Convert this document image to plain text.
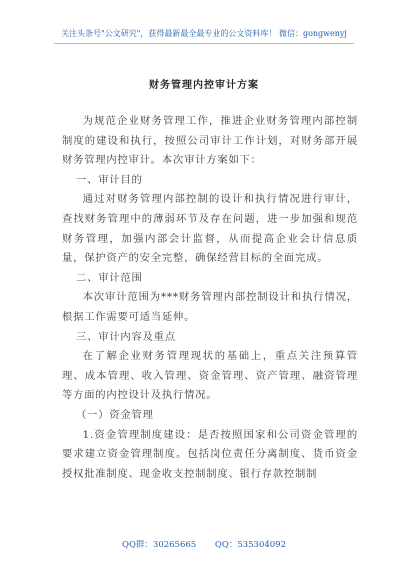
关注头条号"公文研究"，获得最新最全最专业的公文资料库！ 微信：gongwenyj
财务管理内控审计方案

为规范企业财务管理工作，推进企业财务管理内部控制制度的建设和执行，按照公司审计工作计划，对财务部开展财务管理内控审计。本次审计方案如下：

一、审计目的

通过对财务管理内部控制的设计和执行情况进行审计，查找财务管理中的薄弱环节及存在问题，进一步加强和规范财务管理，加强内部会计监督，从而提高企业会计信息质量，保护资产的安全完整，确保经营目标的全面完成。

二、审计范围

本次审计范围为***财务管理内部控制设计和执行情况，根据工作需要可适当延伸。

三、审计内容及重点

在了解企业财务管理现状的基础上，重点关注预算管理、成本管理、收入管理、资金管理、资产管理、融资管理等方面的内控设计及执行情况。

（一）资金管理

1.资金管理制度建设：是否按照国家和公司资金管理的要求建立资金管理制度。包括岗位责任分离制度、货币资金授权批准制度、现金收支控制制度、银行存款控制制

QQ群：30265665 QQ：535304092
